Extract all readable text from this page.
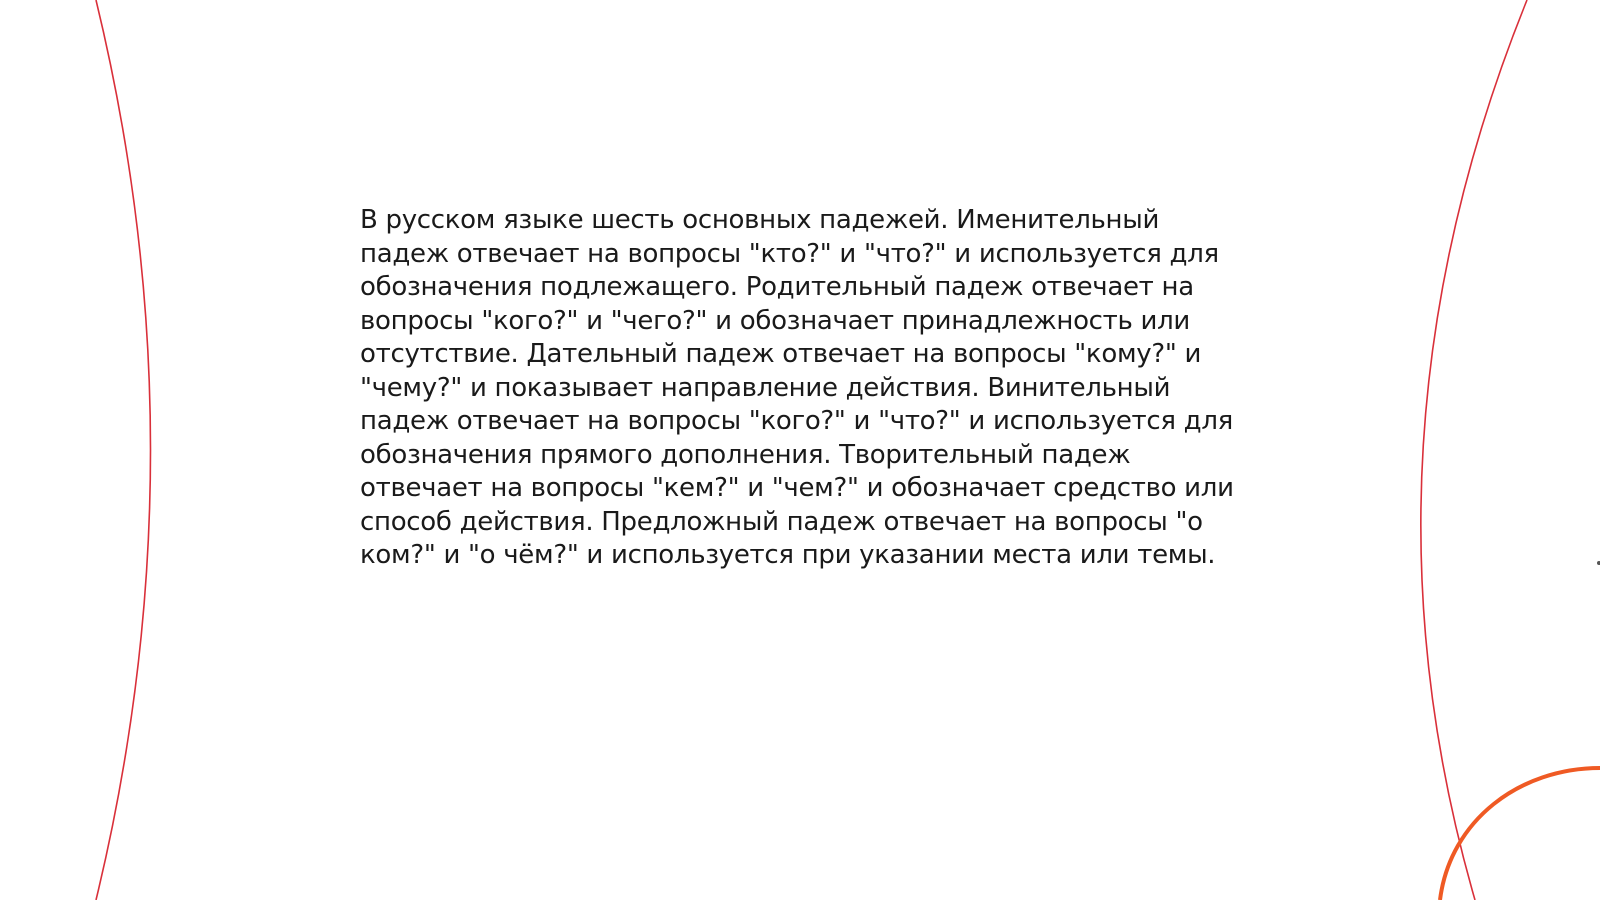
В русском языке шесть основных падежей. Именительный падеж отвечает на вопросы "кто?" и "что?" и используется для обозначения подлежащего. Родительный падеж отвечает на вопросы "кого?" и "чего?" и обозначает принадлежность или отсутствие. Дательный падеж отвечает на вопросы "кому?" и "чему?" и показывает направление действия. Винительный падеж отвечает на вопросы "кого?" и "что?" и используется для обозначения прямого дополнения. Творительный падеж отвечает на вопросы "кем?" и "чем?" и обозначает средство или способ действия. Предложный падеж отвечает на вопросы "о ком?" и "о чём?" и используется при указании места или темы.
